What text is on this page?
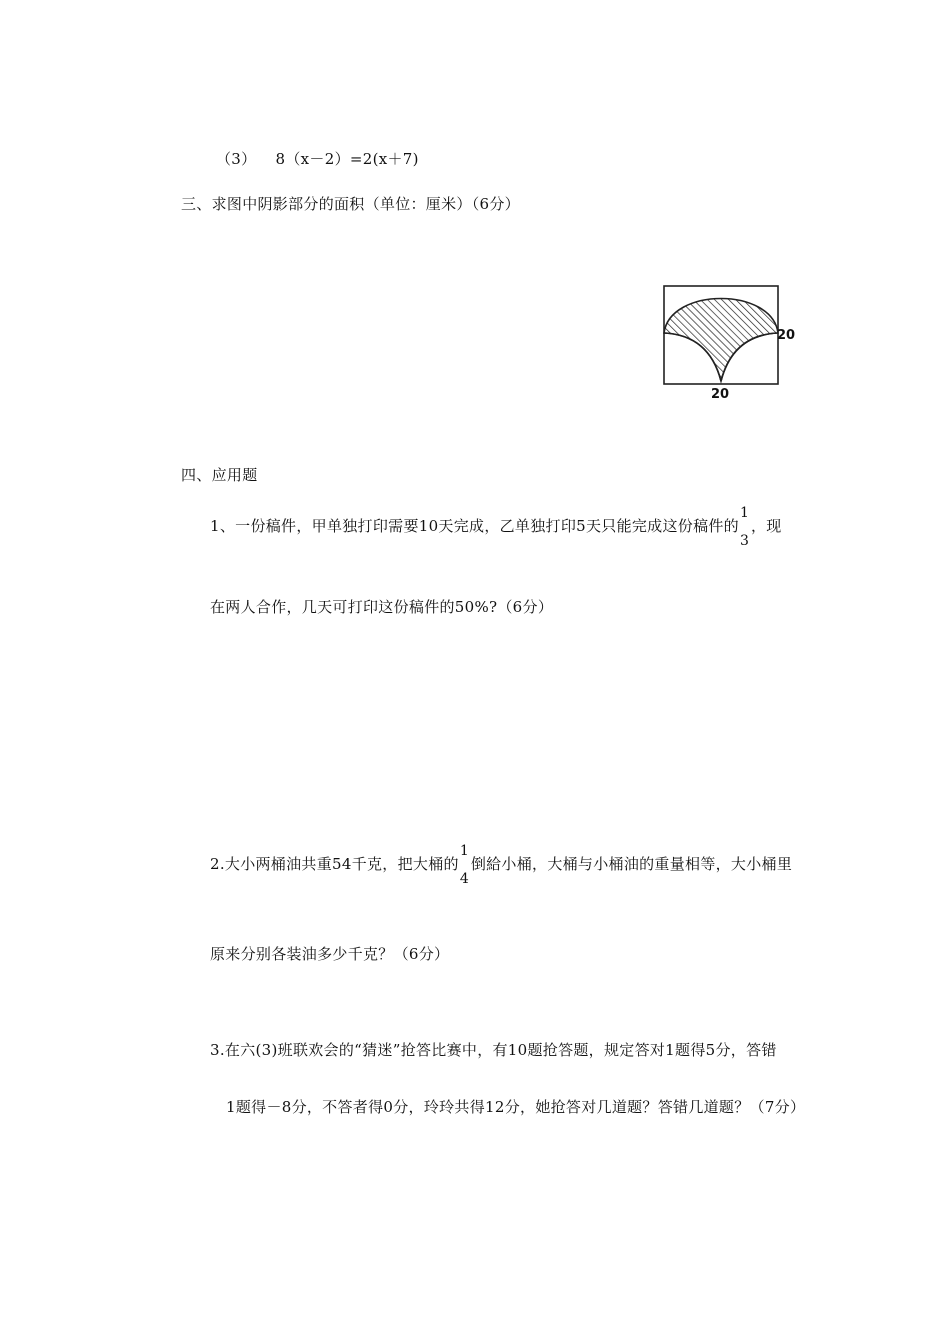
（3） 8（x－2）=2(x＋7)
三、求图中阴影部分的面积（单位：厘米）（6分）
20
20
四、应用题
1、一份稿件，甲单独打印需要10天完成，乙单独打印5天只能完成这份稿件的
1
3
，现
在两人合作，几天可打印这份稿件的50%?（6分）
2.大小两桶油共重54千克，把大桶的
1
4
倒給小桶，大桶与小桶油的重量相等，大小桶里
原来分别各装油多少千克？（6分）
3.在六(3)班联欢会的“猜迷”抢答比赛中，有10题抢答题，规定答对1题得5分，答错
1题得－8分，不答者得0分，玲玲共得12分，她抢答对几道题？答错几道题？（7分）
